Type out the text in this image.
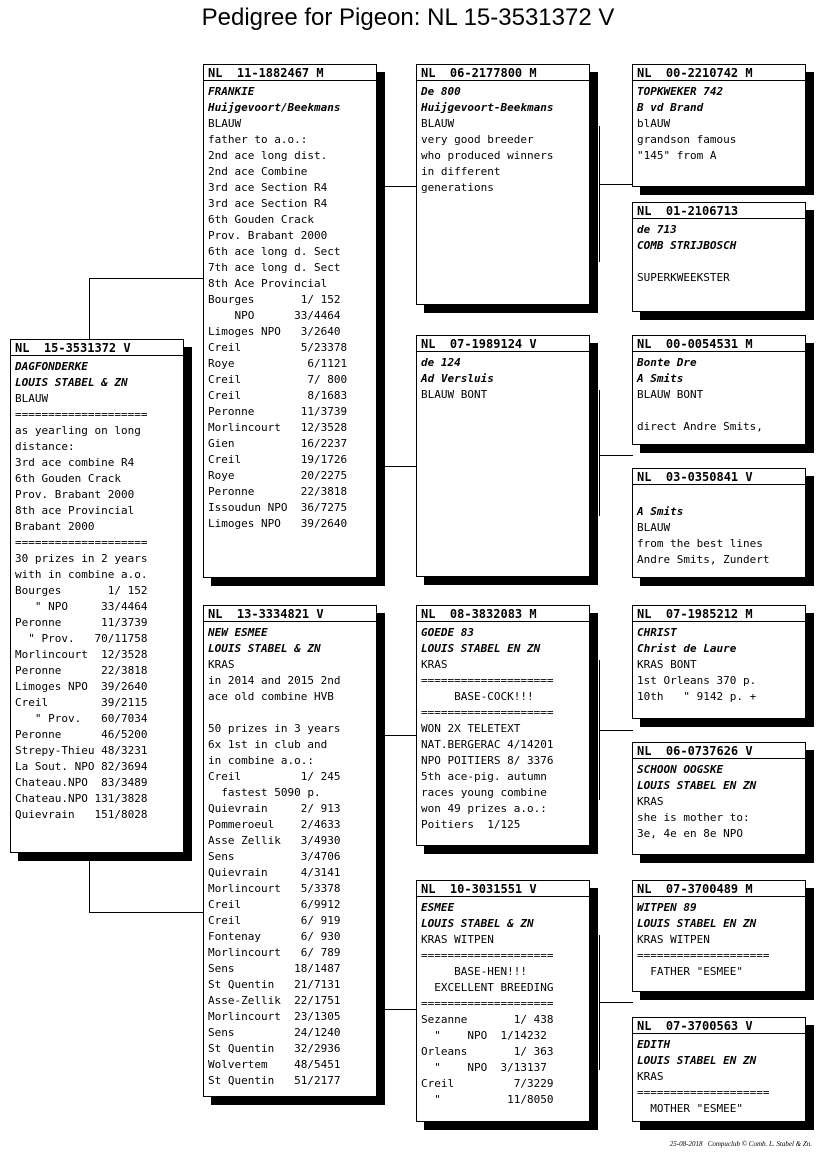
Pedigree for Pigeon: NL 15-3531372 V
NL  15-3531372 V
DAGFONDERKE
LOUIS STABEL & ZN
BLAUW
====================
as yearling on long
distance:
3rd ace combine R4
6th Gouden Crack
Prov. Brabant 2000
8th ace Provincial
Brabant 2000
====================
30 prizes in 2 years
with in combine a.o.
Bourges       1/ 152
" NPO     33/4464
Peronne      11/3739
" Prov.   70/11758
Morlincourt  12/3528
Peronne      22/3818
Limoges NPO  39/2640
Creil        39/2115
" Prov.   60/7034
Peronne      46/5200
Strepy-Thieu 48/3231
La Sout. NPO 82/3694
Chateau.NPO  83/3489
Chateau.NPO 131/3828
Quievrain   151/8028
NL  11-1882467 M
FRANKIE
Huijgevoort/Beekmans
BLAUW
father to a.o.:
2nd ace long dist.
2nd ace Combine
3rd ace Section R4
3rd ace Section R4
6th Gouden Crack
Prov. Brabant 2000
6th ace long d. Sect
7th ace long d. Sect
8th Ace Provincial
Bourges       1/ 152
NPO      33/4464
Limoges NPO   3/2640
Creil         5/23378
Roye           6/1121
Creil          7/ 800
Creil          8/1683
Peronne       11/3739
Morlincourt   12/3528
Gien          16/2237
Creil         19/1726
Roye          20/2275
Peronne       22/3818
Issoudun NPO  36/7275
Limoges NPO   39/2640
NL  13-3334821 V
NEW ESMEE
LOUIS STABEL & ZN
KRAS
in 2014 and 2015 2nd
ace old combine HVB
50 prizes in 3 years
6x 1st in club and
in combine a.o.:
Creil         1/ 245
fastest 5090 p.
Quievrain     2/ 913
Pommeroeul    2/4633
Asse Zellik   3/4930
Sens          3/4706
Quievrain     4/3141
Morlincourt   5/3378
Creil         6/9912
Creil         6/ 919
Fontenay      6/ 930
Morlincourt   6/ 789
Sens         18/1487
St Quentin   21/7131
Asse-Zellik  22/1751
Morlincourt  23/1305
Sens         24/1240
St Quentin   32/2936
Wolvertem    48/5451
St Quentin   51/2177
NL  06-2177800 M
De 800
Huijgevoort-Beekmans
BLAUW
very good breeder
who produced winners
in different
generations
NL  07-1989124 V
de 124
Ad Versluis
BLAUW BONT
NL  08-3832083 M
GOEDE 83
LOUIS STABEL EN ZN
KRAS
====================
BASE-COCK!!!
====================
WON 2X TELETEXT
NAT.BERGERAC 4/14201
NPO POITIERS 8/ 3376
5th ace-pig. autumn
races young combine
won 49 prizes a.o.:
Poitiers  1/125
NL  10-3031551 V
ESMEE
LOUIS STABEL & ZN
KRAS WITPEN
====================
BASE-HEN!!!
EXCELLENT BREEDING
====================
Sezanne       1/ 438
"    NPO  1/14232
Orleans       1/ 363
"    NPO  3/13137
Creil         7/3229
"          11/8050
NL  00-2210742 M
TOPKWEKER 742
B vd Brand
blAUW
grandson famous
"145" from A
NL  01-2106713
de 713
COMB STRIJBOSCH
SUPERKWEEKSTER
NL  00-0054531 M
Bonte Dre
A Smits
BLAUW BONT
direct Andre Smits,
NL  03-0350841 V
A Smits
BLAUW
from the best lines
Andre Smits, Zundert
NL  07-1985212 M
CHRIST
Christ de Laure
KRAS BONT
1st Orleans 370 p.
10th   " 9142 p. +
NL  06-0737626 V
SCHOON OOGSKE
LOUIS STABEL EN ZN
KRAS
she is mother to:
3e, 4e en 8e NPO
NL  07-3700489 M
WITPEN 89
LOUIS STABEL EN ZN
KRAS WITPEN
====================
FATHER "ESMEE"
NL  07-3700563 V
EDITH
LOUIS STABEL EN ZN
KRAS
====================
MOTHER "ESMEE"
25-08-2018   Compuclub © Comb. L. Stabel & Zn.
